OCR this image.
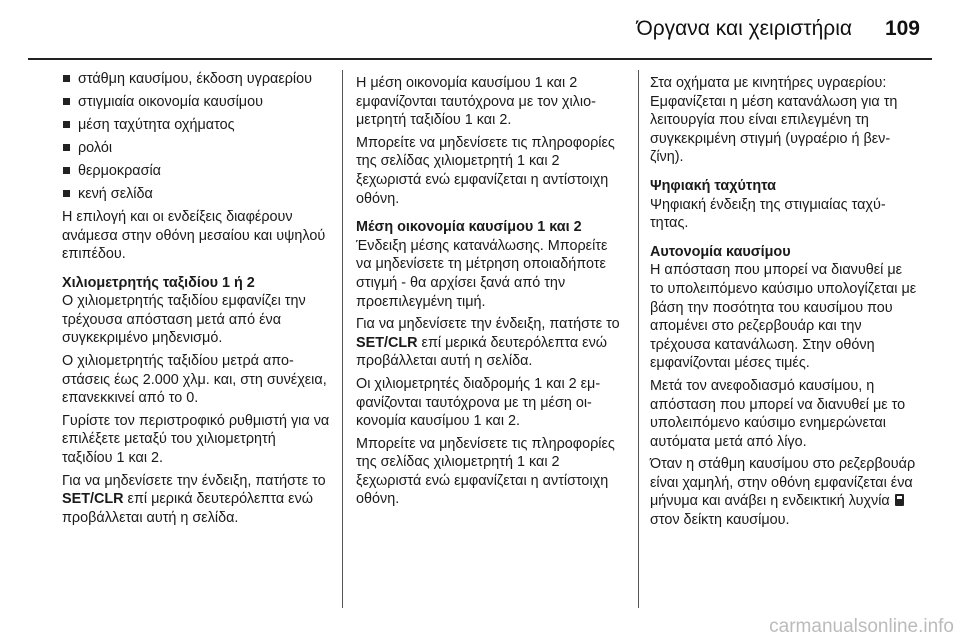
Όργανα και χειριστήρια 109
στάθμη καυσίμου, έκδοση υγραερίου
στιγμιαία οικονομία καυσίμου
μέση ταχύτητα οχήματος
ρολόι
θερμοκρασία
κενή σελίδα

Η επιλογή και οι ενδείξεις διαφέρουν ανάμεσα στην οθόνη μεσαίου και υψηλού επιπέδου.

Χιλιομετρητής ταξιδίου 1 ή 2

Ο χιλιομετρητής ταξιδίου εμφανίζει την τρέχουσα απόσταση μετά από ένα συγκεκριμένο μηδενισμό.

Ο χιλιομετρητής ταξιδίου μετρά αποστάσεις έως 2.000 χλμ. και, στη συνέχεια, επανεκκινεί από το 0.

Γυρίστε τον περιστροφικό ρυθμιστή για να επιλέξετε μεταξύ του χιλιομετρητή ταξιδίου 1 και 2.

Για να μηδενίσετε την ένδειξη, πατήστε το SET/CLR επί μερικά δευτερόλεπτα ενώ προβάλλεται αυτή η σελίδα.

Η μέση οικονομία καυσίμου 1 και 2 εμφανίζονται ταυτόχρονα με τον χιλιομετρητή ταξιδίου 1 και 2.

Μπορείτε να μηδενίσετε τις πληροφορίες της σελίδας χιλιομετρητή 1 και 2 ξεχωριστά ενώ εμφανίζεται η αντίστοιχη οθόνη.

Μέση οικονομία καυσίμου 1 και 2

Ένδειξη μέσης κατανάλωσης. Μπορείτε να μηδενίσετε τη μέτρηση οποιαδήποτε στιγμή - θα αρχίσει ξανά από την προεπιλεγμένη τιμή.

Για να μηδενίσετε την ένδειξη, πατήστε το SET/CLR επί μερικά δευτερόλεπτα ενώ προβάλλεται αυτή η σελίδα.

Οι χιλιομετρητές διαδρομής 1 και 2 εμφανίζονται ταυτόχρονα με τη μέση οικονομία καυσίμου 1 και 2.

Μπορείτε να μηδενίσετε τις πληροφορίες της σελίδας χιλιομετρητή 1 και 2 ξεχωριστά ενώ εμφανίζεται η αντίστοιχη οθόνη.

Στα οχήματα με κινητήρες υγραερίου: Εμφανίζεται η μέση κατανάλωση για τη λειτουργία που είναι επιλεγμένη τη συγκεκριμένη στιγμή (υγραέριο ή βενζίνη).

Ψηφιακή ταχύτητα

Ψηφιακή ένδειξη της στιγμιαίας ταχύτητας.

Αυτονομία καυσίμου

Η απόσταση που μπορεί να διανυθεί με το υπολειπόμενο καύσιμο υπολογίζεται με βάση την ποσότητα του καυσίμου που απομένει στο ρεζερβουάρ και την τρέχουσα κατανάλωση. Στην οθόνη εμφανίζονται μέσες τιμές.

Μετά τον ανεφοδιασμό καυσίμου, η απόσταση που μπορεί να διανυθεί με το υπολειπόμενο καύσιμο ενημερώνεται αυτόματα μετά από λίγο.

Όταν η στάθμη καυσίμου στο ρεζερβουάρ είναι χαμηλή, στην οθόνη εμφανίζεται ένα μήνυμα και ανάβει η ενδεικτική λυχνία  στον δείκτη καυσίμου.

carmanualsonline.info
